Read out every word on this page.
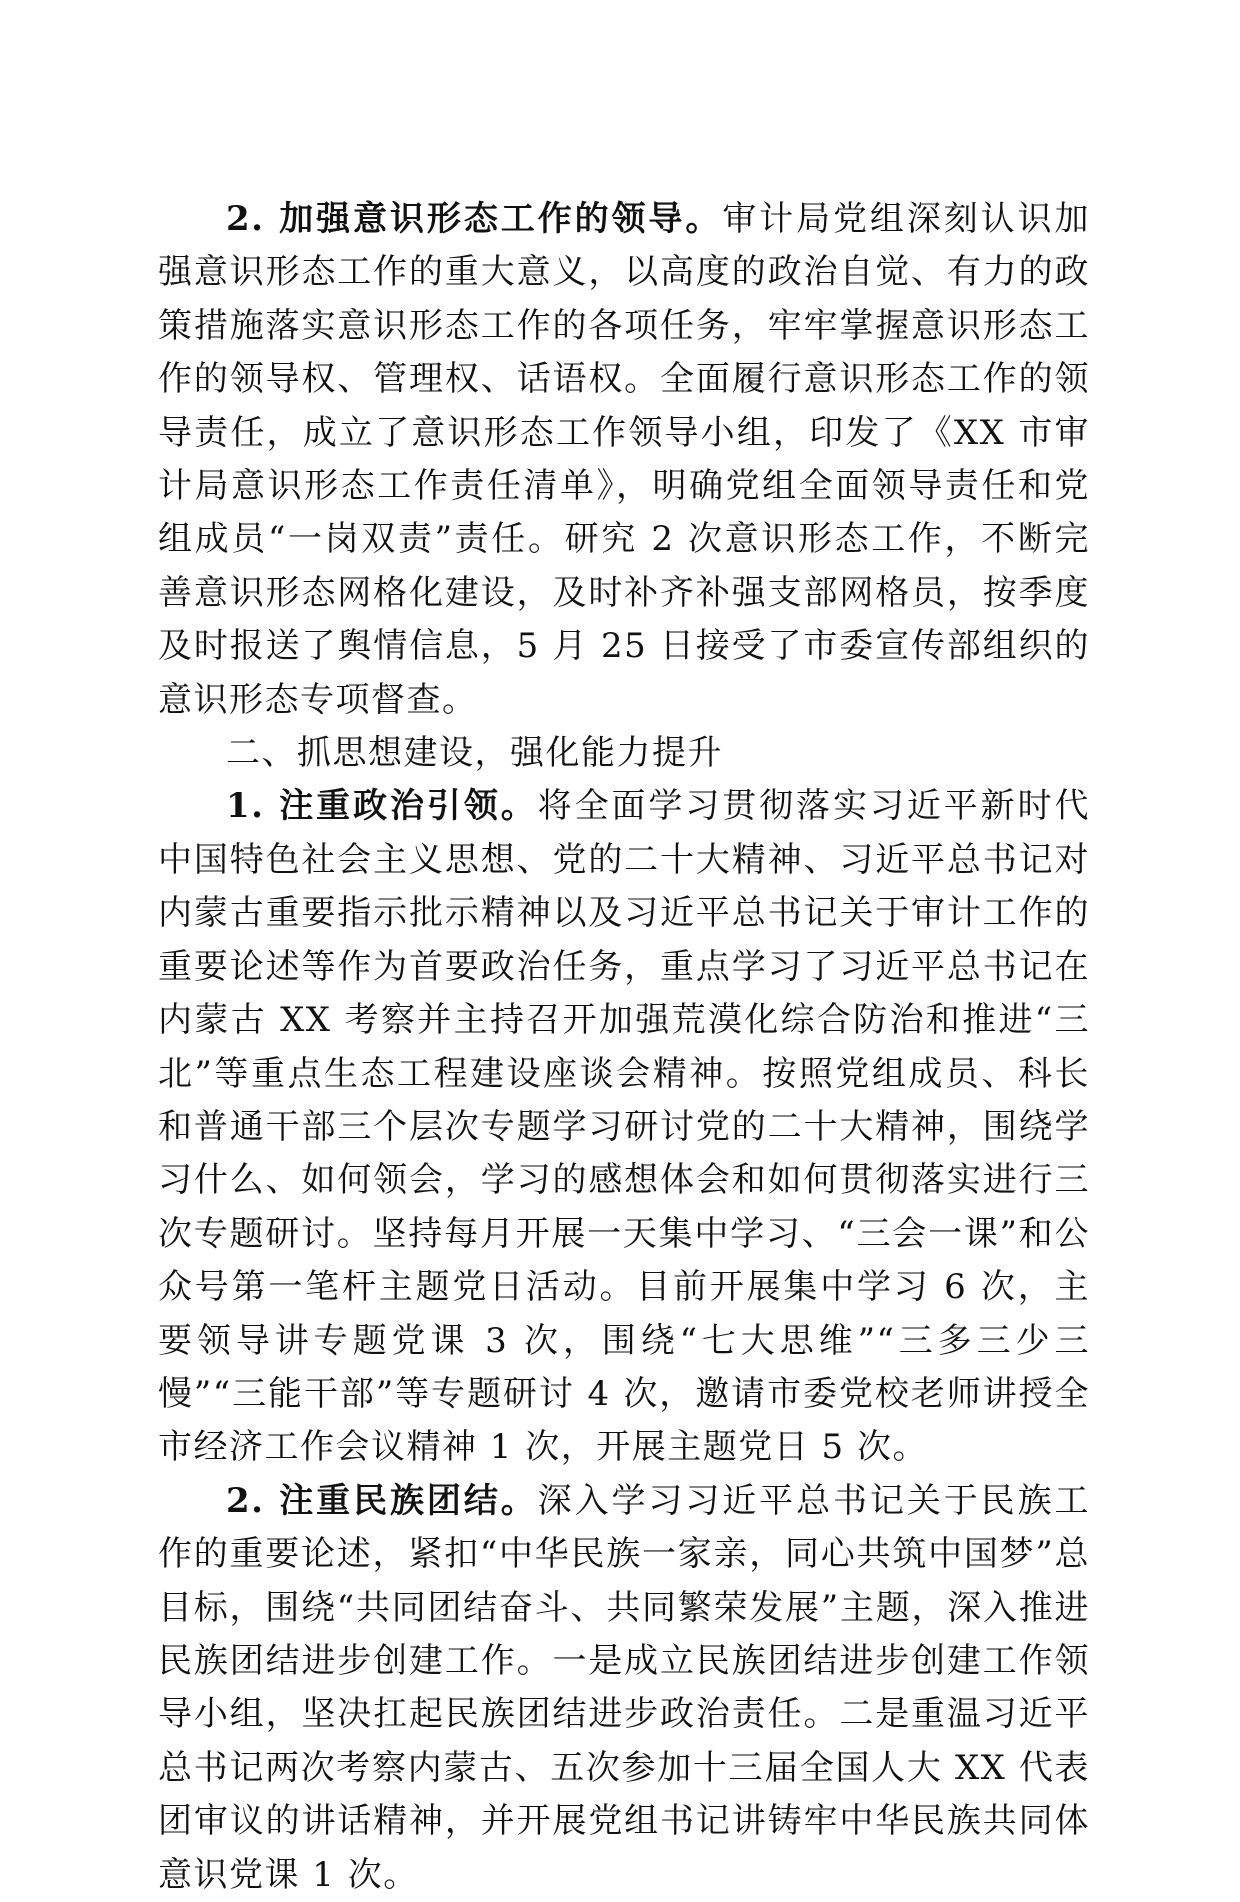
2. 加强意识形态工作的领导。审计局党组深刻认识加强意识形态工作的重大意义，以高度的政治自觉、有力的政策措施落实意识形态工作的各项任务，牢牢掌握意识形态工作的领导权、管理权、话语权。全面履行意识形态工作的领导责任，成立了意识形态工作领导小组，印发了《XX 市审计局意识形态工作责任清单》，明确党组全面领导责任和党组成员“一岗双责”责任。研究 2 次意识形态工作，不断完善意识形态网格化建设，及时补齐补强支部网格员，按季度及时报送了舆情信息，5 月 25 日接受了市委宣传部组织的意识形态专项督查。

二、抓思想建设，强化能力提升

1. 注重政治引领。将全面学习贯彻落实习近平新时代中国特色社会主义思想、党的二十大精神、习近平总书记对内蒙古重要指示批示精神以及习近平总书记关于审计工作的重要论述等作为首要政治任务，重点学习了习近平总书记在内蒙古 XX 考察并主持召开加强荒漠化综合防治和推进“三北”等重点生态工程建设座谈会精神。按照党组成员、科长和普通干部三个层次专题学习研讨党的二十大精神，围绕学习什么、如何领会，学习的感想体会和如何贯彻落实进行三次专题研讨。坚持每月开展一天集中学习、“三会一课”和公众号第一笔杆主题党日活动。目前开展集中学习 6 次，主要领导讲专题党课 3 次，围绕“七大思维”“三多三少三慢”“三能干部”等专题研讨 4 次，邀请市委党校老师讲授全市经济工作会议精神 1 次，开展主题党日 5 次。

2. 注重民族团结。深入学习习近平总书记关于民族工作的重要论述，紧扣“中华民族一家亲，同心共筑中国梦”总目标，围绕“共同团结奋斗、共同繁荣发展”主题，深入推进民族团结进步创建工作。一是成立民族团结进步创建工作领导小组，坚决扛起民族团结进步政治责任。二是重温习近平总书记两次考察内蒙古、五次参加十三届全国人大 XX 代表团审议的讲话精神，并开展党组书记讲铸牢中华民族共同体意识党课 1 次。
